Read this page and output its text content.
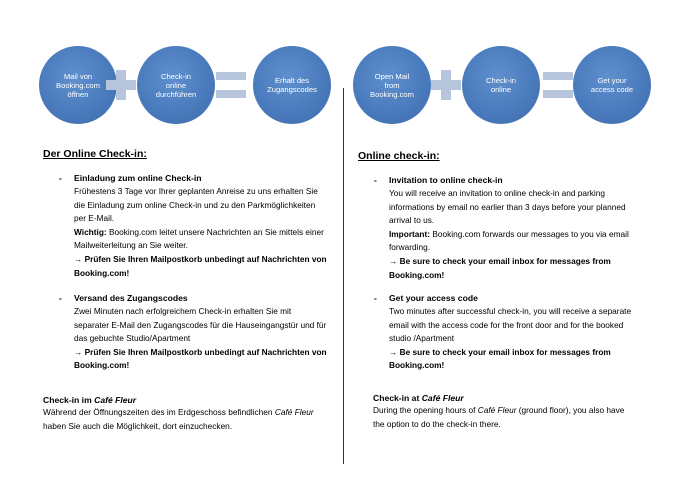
Mail von
Booking.com
öffnen
Check-in
online
durchführen
Erhalt des
Zugangscodes
Open Mail
from
Booking.com
Check-in
online
Get your
access code
Der Online Check-in:
- Einladung zum online Check-in
Frühestens 3 Tage vor Ihrer geplanten Anreise zu uns erhalten Sie
die Einladung zum online Check-in und zu den Parkmöglichkeiten
per E-Mail.
Wichtig: Booking.com leitet unsere Nachrichten an Sie mittels einer
Mailweiterleitung an Sie weiter.
→ Prüfen Sie Ihren Mailpostkorb unbedingt auf Nachrichten von
Booking.com!
- Versand des Zugangscodes
Zwei Minuten nach erfolgreichem Check-in erhalten Sie mit
separater E-Mail den Zugangscodes für die Hauseingangstür und für
das gebuchte Studio/Apartment
→ Prüfen Sie Ihren Mailpostkorb unbedingt auf Nachrichten von
Booking.com!
Check-in im Café Fleur
Während der Öffnungszeiten des im Erdgeschoss befindlichen Café Fleur
haben Sie auch die Möglichkeit, dort einzuchecken.
Online check-in:
- Invitation to online check-in
You will receive an invitation to online check-in and parking
informations by email no earlier than 3 days before your planned
arrival to us.
Important: Booking.com forwards our messages to you via email
forwarding.
→ Be sure to check your email inbox for messages from
Booking.com!
- Get your access code
Two minutes after successful check-in, you will receive a separate
email with the access code for the front door and for the booked
studio /Apartment
→ Be sure to check your email inbox for messages from
Booking.com!
Check-in at Café Fleur
During the opening hours of Café Fleur (ground floor), you also have
the option to do the check-in there.
